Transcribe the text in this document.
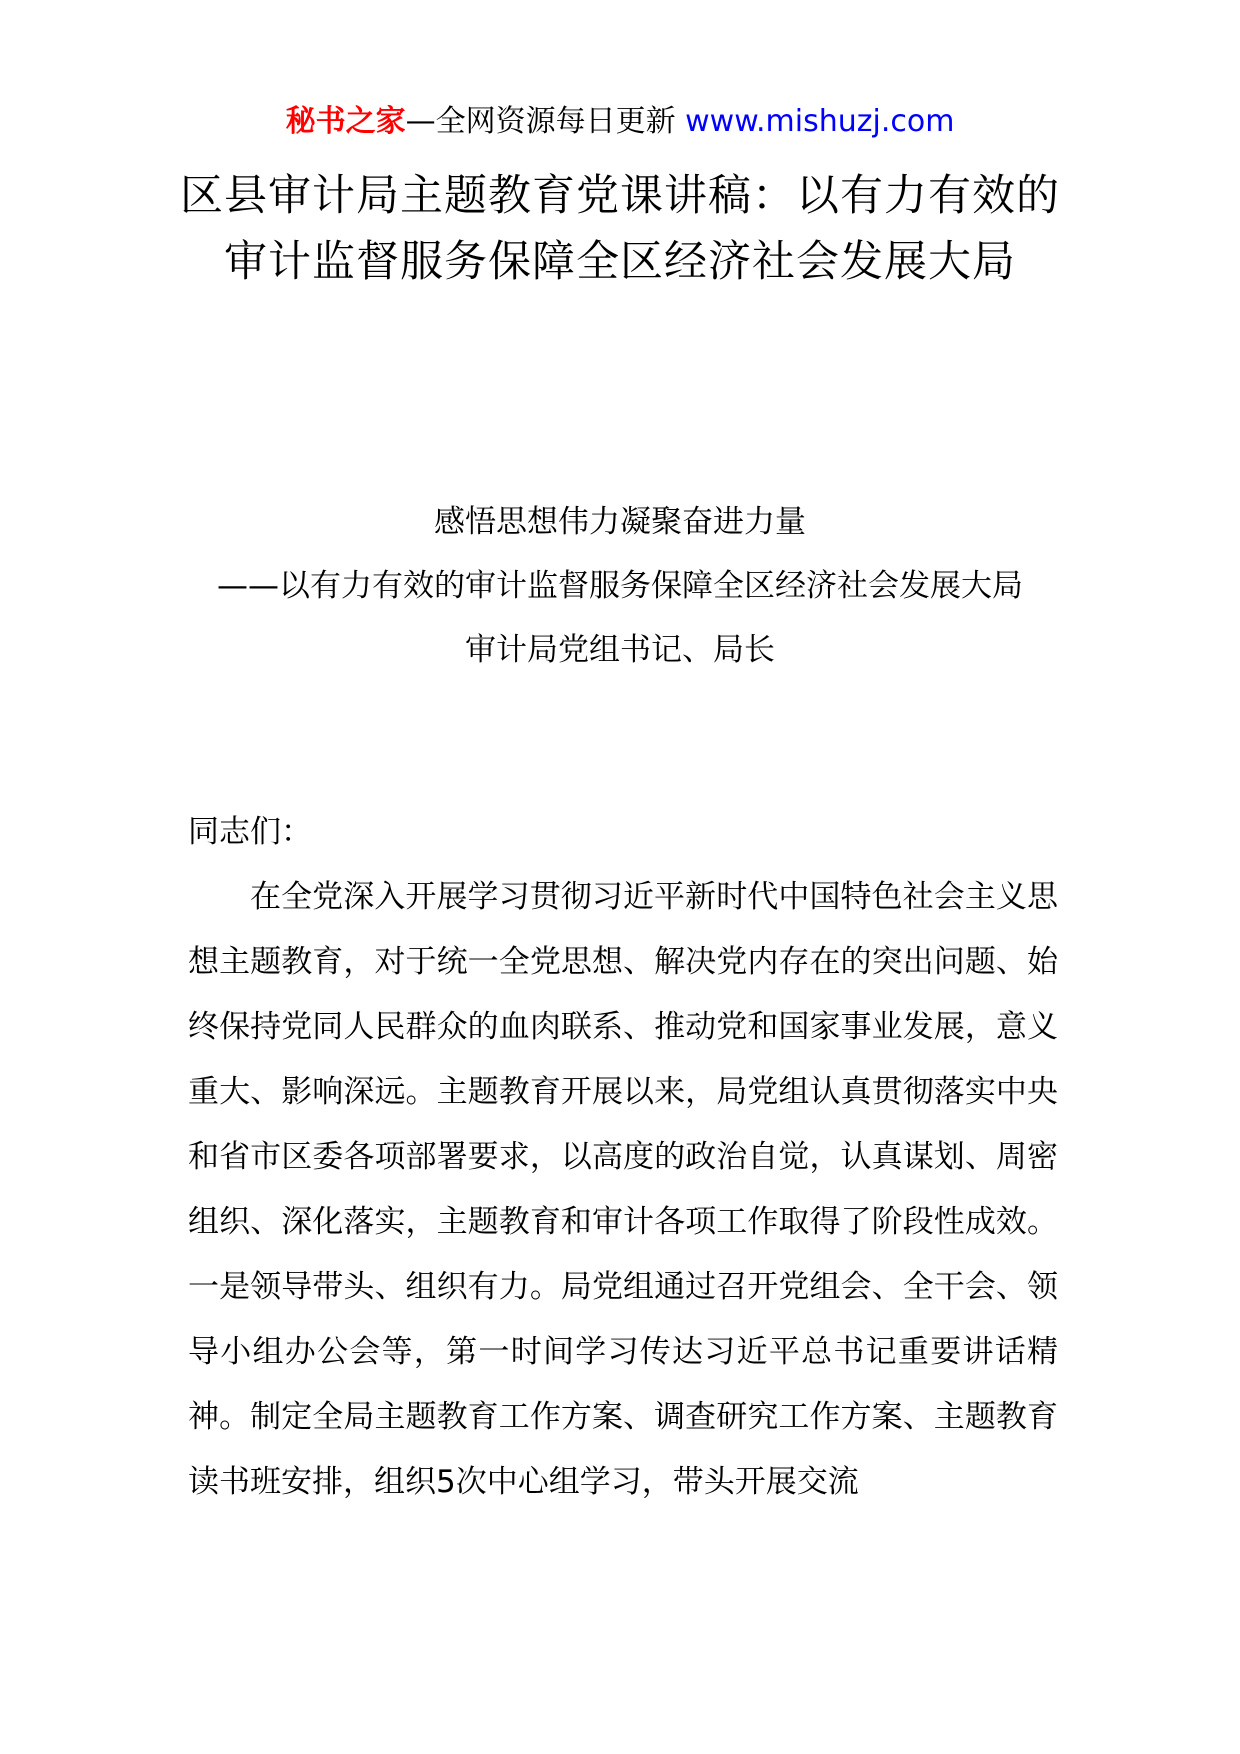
秘书之家—全网资源每日更新 www.mishuzj.com
区县审计局主题教育党课讲稿：以有力有效的审计监督服务保障全区经济社会发展大局
感悟思想伟力凝聚奋进力量
——以有力有效的审计监督服务保障全区经济社会发展大局
审计局党组书记、局长

同志们：

在全党深入开展学习贯彻习近平新时代中国特色社会主义思想主题教育，对于统一全党思想、解决党内存在的突出问题、始终保持党同人民群众的血肉联系、推动党和国家事业发展，意义重大、影响深远。主题教育开展以来，局党组认真贯彻落实中央和省市区委各项部署要求，以高度的政治自觉，认真谋划、周密组织、深化落实，主题教育和审计各项工作取得了阶段性成效。一是领导带头、组织有力。局党组通过召开党组会、全干会、领导小组办公会等，第一时间学习传达习近平总书记重要讲话精神。制定全局主题教育工作方案、调查研究工作方案、主题教育读书班安排，组织5次中心组学习，带头开展交流
